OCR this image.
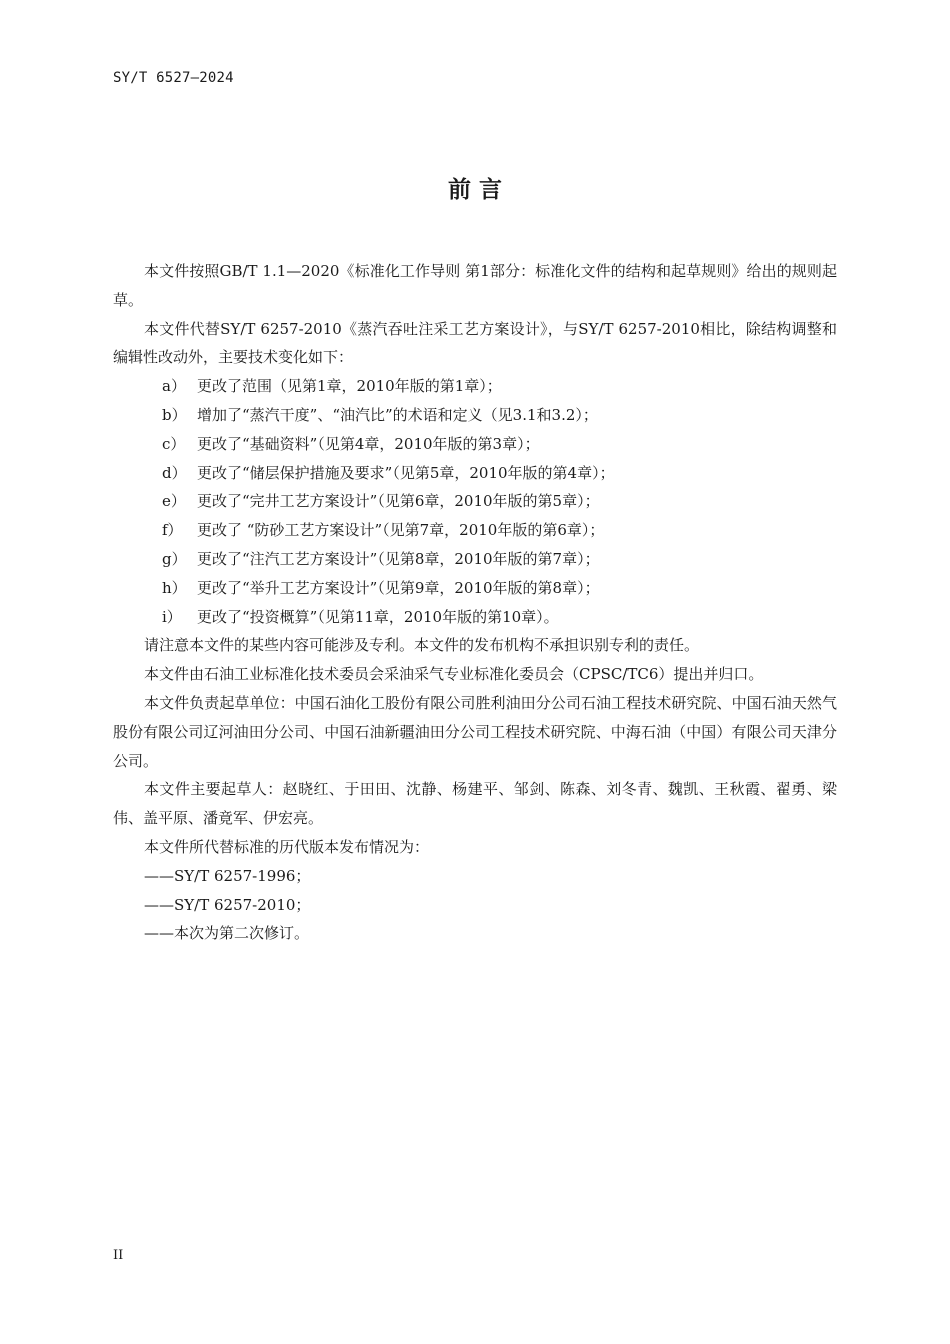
SY/T 6527—2024
前 言

本文件按照GB/T 1.1—2020《标准化工作导则 第1部分：标准化文件的结构和起草规则》给出的规则起草。

本文件代替SY/T 6257-2010《蒸汽吞吐注采工艺方案设计》，与SY/T 6257-2010相比，除结构调整和编辑性改动外，主要技术变化如下：

a） 更改了范围（见第1章，2010年版的第1章）；
b） 增加了“蒸汽干度”、“油汽比”的术语和定义（见3.1和3.2）；
c） 更改了“基础资料”（见第4章，2010年版的第3章）；
d） 更改了“储层保护措施及要求”（见第5章，2010年版的第4章）；
e） 更改了“完井工艺方案设计”（见第6章，2010年版的第5章）；
f） 更改了 “防砂工艺方案设计”（见第7章，2010年版的第6章）；
g） 更改了“注汽工艺方案设计”（见第8章，2010年版的第7章）；
h） 更改了“举升工艺方案设计”（见第9章，2010年版的第8章）；
i）	更改了“投资概算”（见第11章，2010年版的第10章）。

请注意本文件的某些内容可能涉及专利。本文件的发布机构不承担识别专利的责任。

本文件由石油工业标准化技术委员会采油采气专业标准化委员会（CPSC/TC6）提出并归口。

本文件负责起草单位：中国石油化工股份有限公司胜利油田分公司石油工程技术研究院、中国石油天然气股份有限公司辽河油田分公司、中国石油新疆油田分公司工程技术研究院、中海石油（中国）有限公司天津分公司。

本文件主要起草人：赵晓红、于田田、沈静、杨建平、邹剑、陈森、刘冬青、魏凯、王秋霞、翟勇、梁伟、盖平原、潘竟军、伊宏亮。

本文件所代替标准的历代版本发布情况为：

——SY/T 6257-1996；

——SY/T 6257-2010；

——本次为第二次修订。

II
